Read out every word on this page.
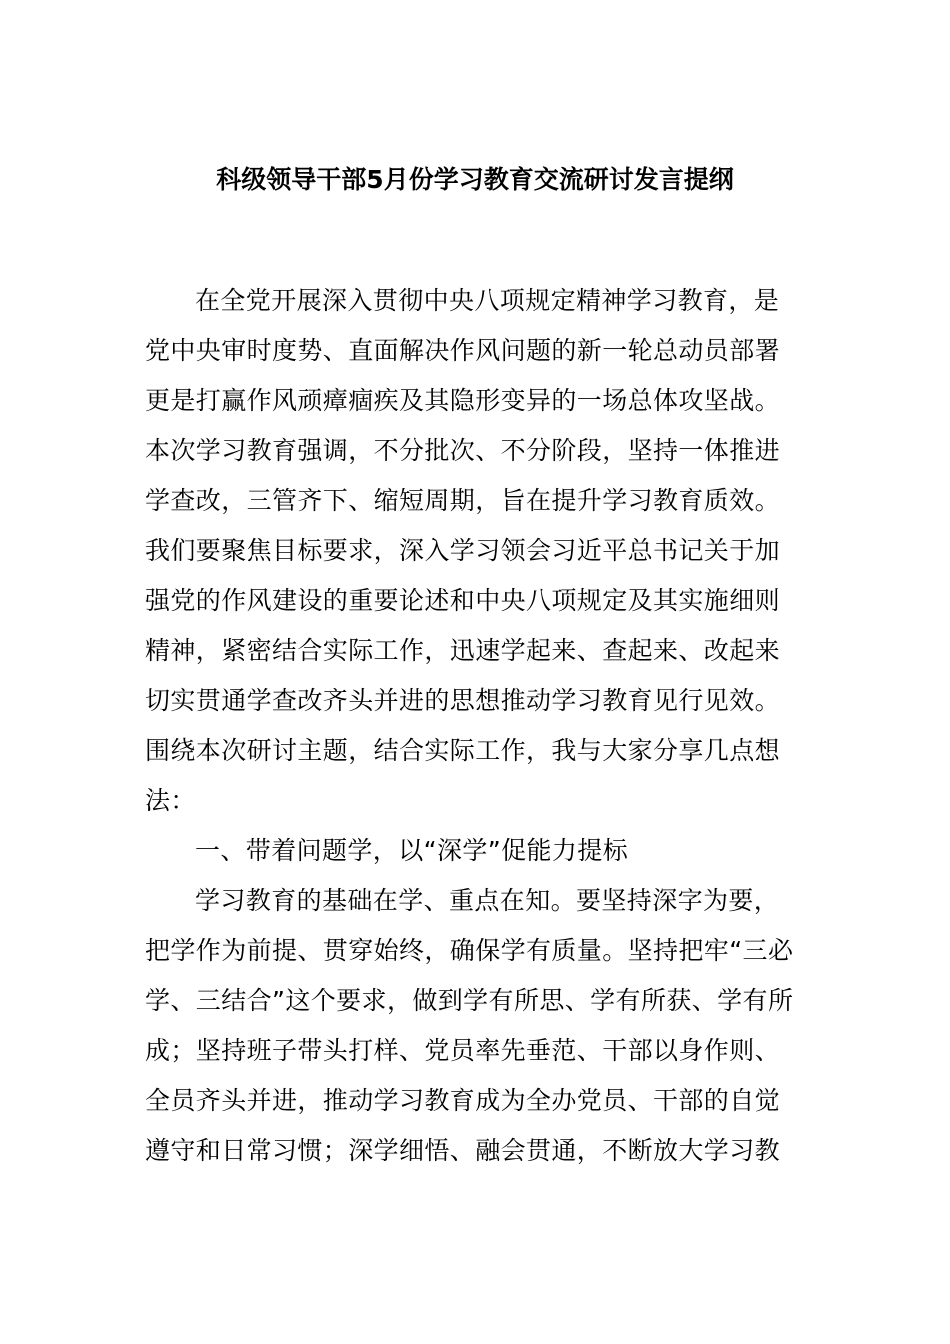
科级领导干部5月份学习教育交流研讨发言提纲
在全党开展深入贯彻中央八项规定精神学习教育，是
党中央审时度势、直面解决作风问题的新一轮总动员部署
更是打赢作风顽瘴痼疾及其隐形变异的一场总体攻坚战。
本次学习教育强调，不分批次、不分阶段，坚持一体推进
学查改，三管齐下、缩短周期，旨在提升学习教育质效。
我们要聚焦目标要求，深入学习领会习近平总书记关于加
强党的作风建设的重要论述和中央八项规定及其实施细则
精神，紧密结合实际工作，迅速学起来、查起来、改起来
切实贯通学查改齐头并进的思想推动学习教育见行见效。
围绕本次研讨主题，结合实际工作，我与大家分享几点想
法：
一、带着问题学，以“深学”促能力提标
学习教育的基础在学、重点在知。要坚持深字为要，
把学作为前提、贯穿始终，确保学有质量。坚持把牢“三必
学、三结合”这个要求，做到学有所思、学有所获、学有所
成；坚持班子带头打样、党员率先垂范、干部以身作则、
全员齐头并进，推动学习教育成为全办党员、干部的自觉
遵守和日常习惯；深学细悟、融会贯通，不断放大学习教
